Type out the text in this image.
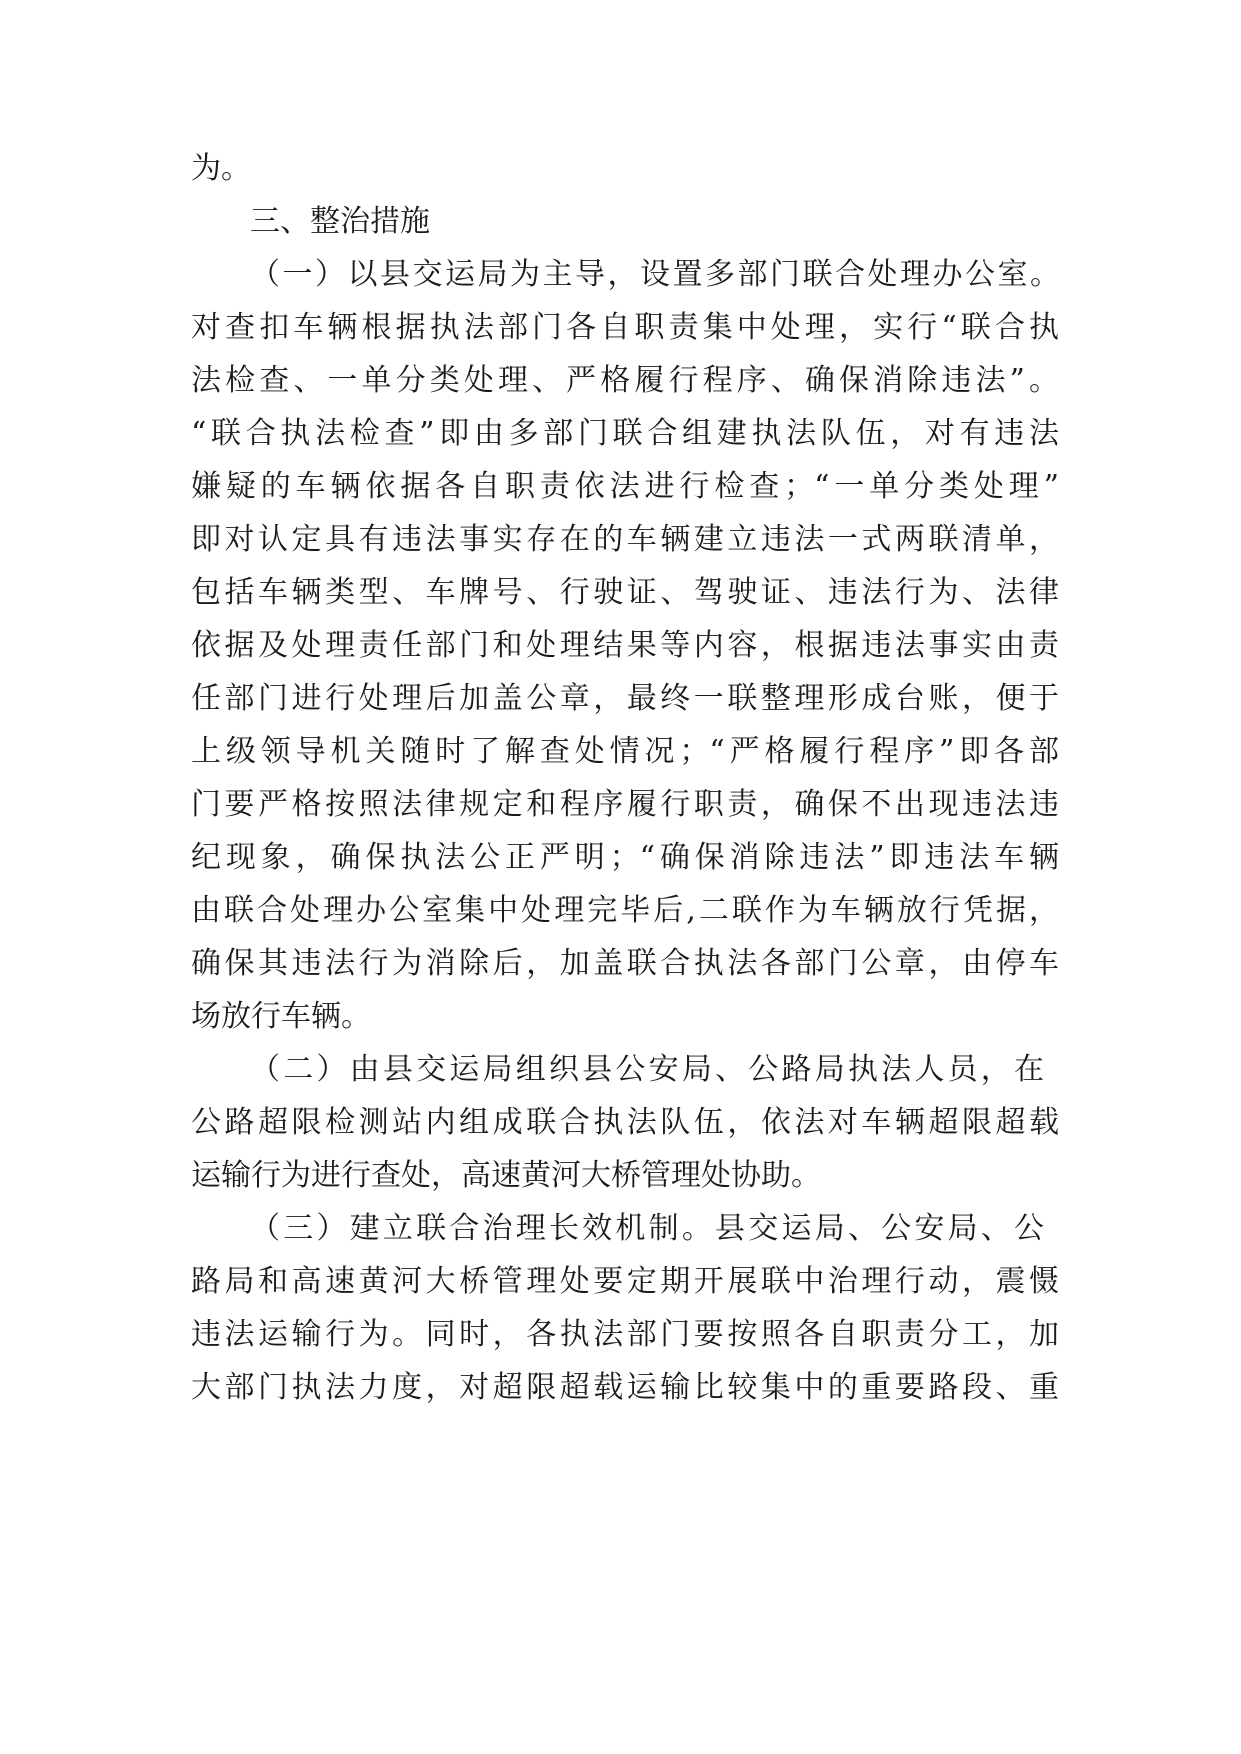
为。

三、整治措施

（一）以县交运局为主导，设置多部门联合处理办公室。

对查扣车辆根据执法部门各自职责集中处理，实行“联合执

法检查、一单分类处理、严格履行程序、确保消除违法”。

“联合执法检查”即由多部门联合组建执法队伍，对有违法

嫌疑的车辆依据各自职责依法进行检查；“一单分类处理”

即对认定具有违法事实存在的车辆建立违法一式两联清单，

包括车辆类型、车牌号、行驶证、驾驶证、违法行为、法律

依据及处理责任部门和处理结果等内容，根据违法事实由责

任部门进行处理后加盖公章，最终一联整理形成台账，便于

上级领导机关随时了解查处情况；“严格履行程序”即各部

门要严格按照法律规定和程序履行职责，确保不出现违法违

纪现象，确保执法公正严明；“确保消除违法”即违法车辆

由联合处理办公室集中处理完毕后,二联作为车辆放行凭据，

确保其违法行为消除后，加盖联合执法各部门公章，由停车

场放行车辆。

（二）由县交运局组织县公安局、公路局执法人员，在

公路超限检测站内组成联合执法队伍，依法对车辆超限超载

运输行为进行查处，高速黄河大桥管理处协助。

（三）建立联合治理长效机制。县交运局、公安局、公

路局和高速黄河大桥管理处要定期开展联中治理行动，震慑

违法运输行为。同时，各执法部门要按照各自职责分工，加

大部门执法力度，对超限超载运输比较集中的重要路段、重
